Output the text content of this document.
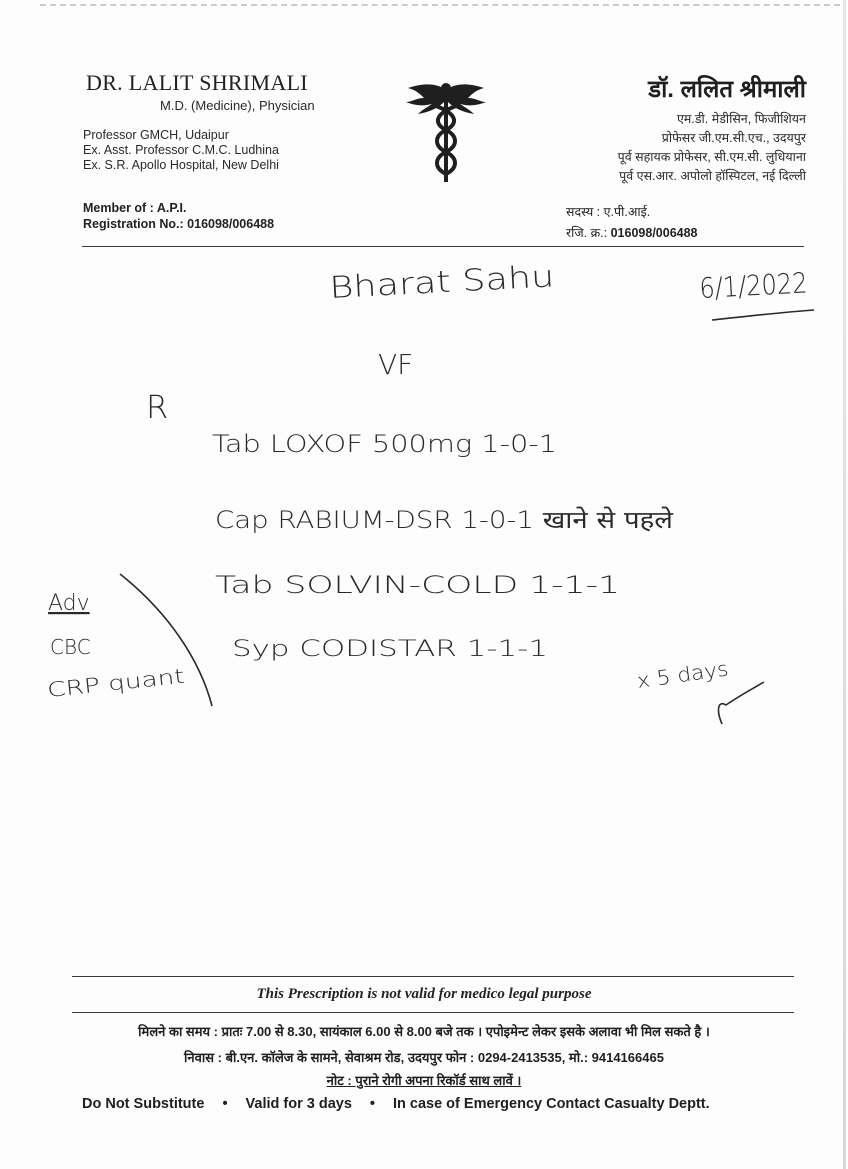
DR. LALIT SHRIMALI
M.D. (Medicine), Physician
Professor GMCH, Udaipur
Ex. Asst. Professor C.M.C. Ludhina
Ex. S.R. Apollo Hospital, New Delhi
Member of : A.P.I.
Registration No.: 016098/006488
डॉ. ललित श्रीमाली
एम.डी. मेडीसिन, फिजीशियन
प्रोफेसर जी.एम.सी.एच., उदयपुर
पूर्व सहायक प्रोफेसर, सी.एम.सी. लुधियाना
पूर्व एस.आर. अपोलो हॉस्पिटल, नई दिल्ली
सदस्य : ए.पी.आई.
रजि. क्र.: 016098/006488
Bharat Sahu	6/1/2022
VF
R
Tab LOXOF 500mg 1-0-1
Cap RABIUM-DSR 1-0-1 खाने से पहले
Tab SOLVIN-COLD 1-1-1
Syp CODISTAR 1-1-1
x 5 days
Adv
CBC
CRP quant
This Prescription is not valid for medico legal purpose
मिलने का समय : प्रातः 7.00 से 8.30, सायंकाल 6.00 से 8.00 बजे तक । एपोइमेन्ट लेकर इसके अलावा भी मिल सकते है ।
निवास : बी.एन. कॉलेज के सामने, सेवाश्रम रोड, उदयपुर फोन : 0294-2413535, मो.: 9414166465
नोट : पुराने रोगी अपना रिकॉर्ड साथ लावें ।
Do Not Substitute • Valid for 3 days • In case of Emergency Contact Casualty Deptt.
